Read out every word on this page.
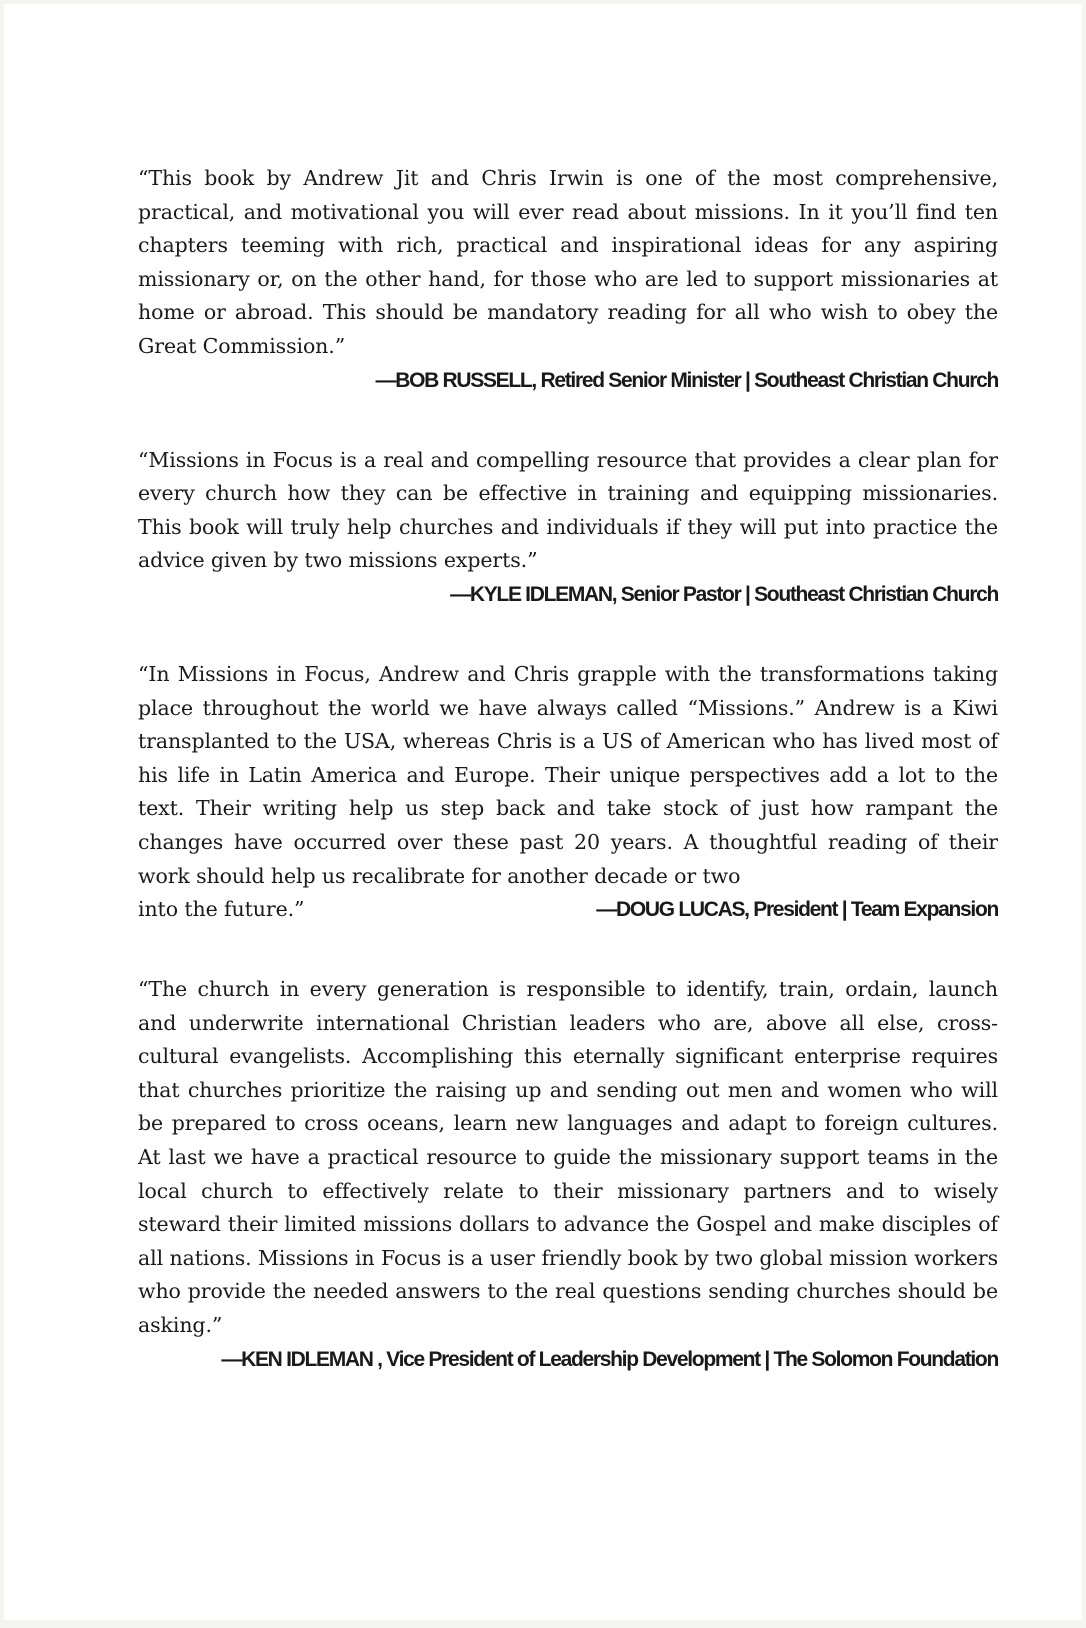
“This book by Andrew Jit and Chris Irwin is one of the most comprehensive, practical, and motivational you will ever read about missions. In it you’ll find ten chapters teeming with rich, practical and inspirational ideas for any aspiring missionary or, on the other hand, for those who are led to support missionaries at home or abroad. This should be mandatory reading for all who wish to obey the Great Commission.”

—BOB RUSSELL, Retired Senior Minister | Southeast Christian Church

“Missions in Focus is a real and compelling resource that provides a clear plan for every church how they can be effective in training and equipping missionaries. This book will truly help churches and individuals if they will put into practice the advice given by two missions experts.”

—KYLE IDLEMAN, Senior Pastor | Southeast Christian Church

“In Missions in Focus, Andrew and Chris grapple with the transformations taking place throughout the world we have always called “Missions.” Andrew is a Kiwi transplanted to the USA, whereas Chris is a US of American who has lived most of his life in Latin America and Europe. Their unique perspectives add a lot to the text. Their writing help us step back and take stock of just how rampant the changes have occurred over these past 20 years. A thoughtful reading of their work should help us recalibrate for another decade or two

—DOUG LUCAS, President | Team Expansion

into the future.”

“The church in every generation is responsible to identify, train, ordain, launch and underwrite international Christian leaders who are, above all else, cross-cultural evangelists. Accomplishing this eternally significant enterprise requires that churches prioritize the raising up and sending out men and women who will be prepared to cross oceans, learn new languages and adapt to foreign cultures. At last we have a practical resource to guide the missionary support teams in the local church to effectively relate to their missionary partners and to wisely steward their limited missions dollars to advance the Gospel and make disciples of all nations. Missions in Focus is a user friendly book by two global mission workers who provide the needed answers to the real questions sending churches should be asking.”

—KEN IDLEMAN , Vice President of Leadership Development | The Solomon Foundation
